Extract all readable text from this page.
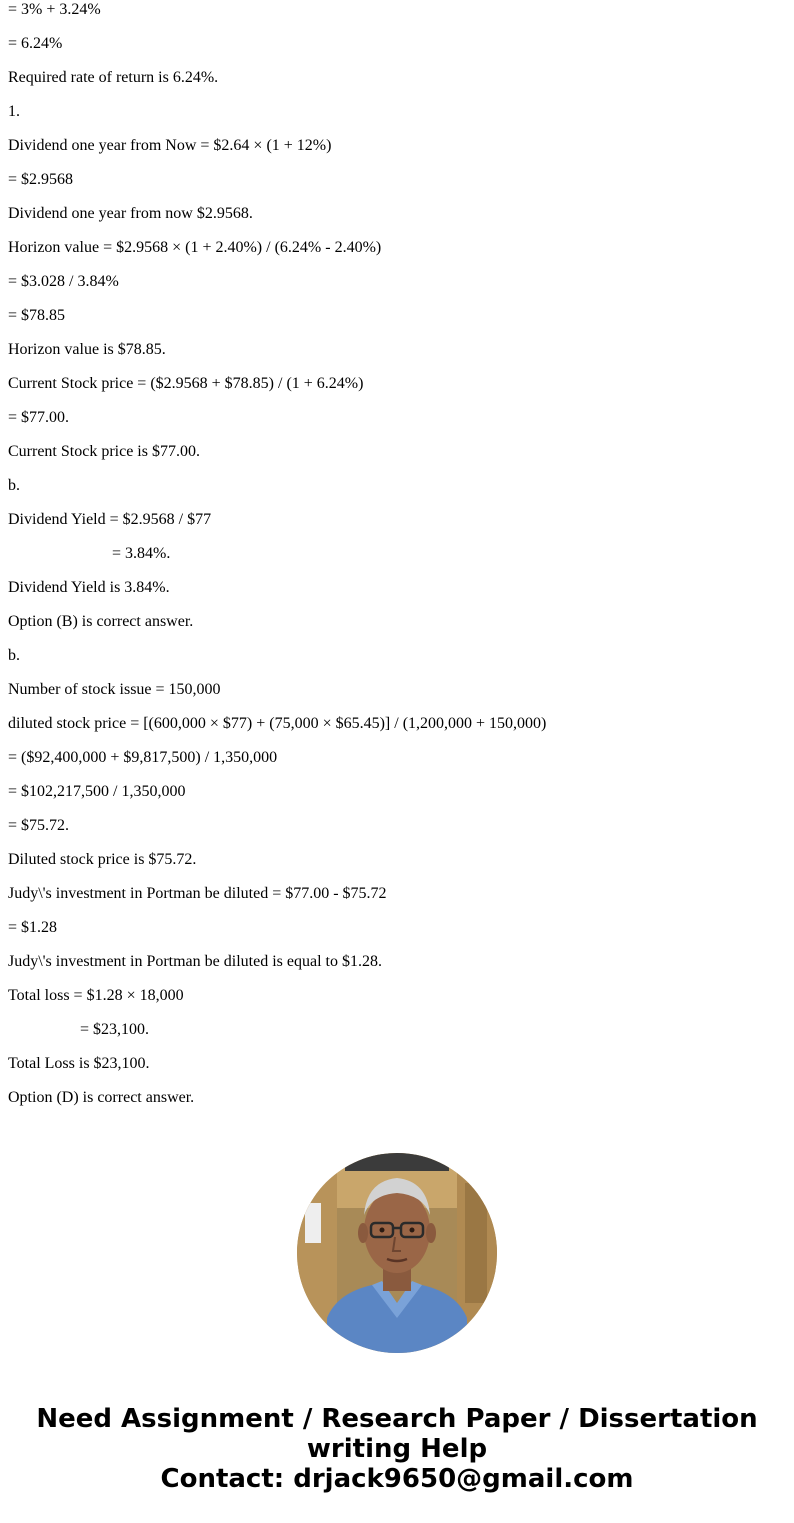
= 3% + 3.24%
= 6.24%
Required rate of return is 6.24%.
1.
Dividend one year from Now = $2.64 × (1 + 12%)
= $2.9568
Dividend one year from now $2.9568.
Horizon value = $2.9568 × (1 + 2.40%) / (6.24% - 2.40%)
= $3.028 / 3.84%
= $78.85
Horizon value is $78.85.
Current Stock price = ($2.9568 + $78.85) / (1 + 6.24%)
= $77.00.
Current Stock price is $77.00.
b.
Dividend Yield = $2.9568 / $77
= 3.84%.
Dividend Yield is 3.84%.
Option (B) is correct answer.
b.
Number of stock issue = 150,000
diluted stock price = [(600,000 × $77) + (75,000 × $65.45)] / (1,200,000 + 150,000)
= ($92,400,000 + $9,817,500) / 1,350,000
= $102,217,500 / 1,350,000
= $75.72.
Diluted stock price is $75.72.
Judy\'s investment in Portman be diluted = $77.00 - $75.72
= $1.28
Judy\'s investment in Portman be diluted is equal to $1.28.
Total loss = $1.28 × 18,000
= $23,100.
Total Loss is $23,100.
Option (D) is correct answer.
Need Assignment / Research Paper / Dissertation
writing Help
Contact: drjack9650@gmail.com
